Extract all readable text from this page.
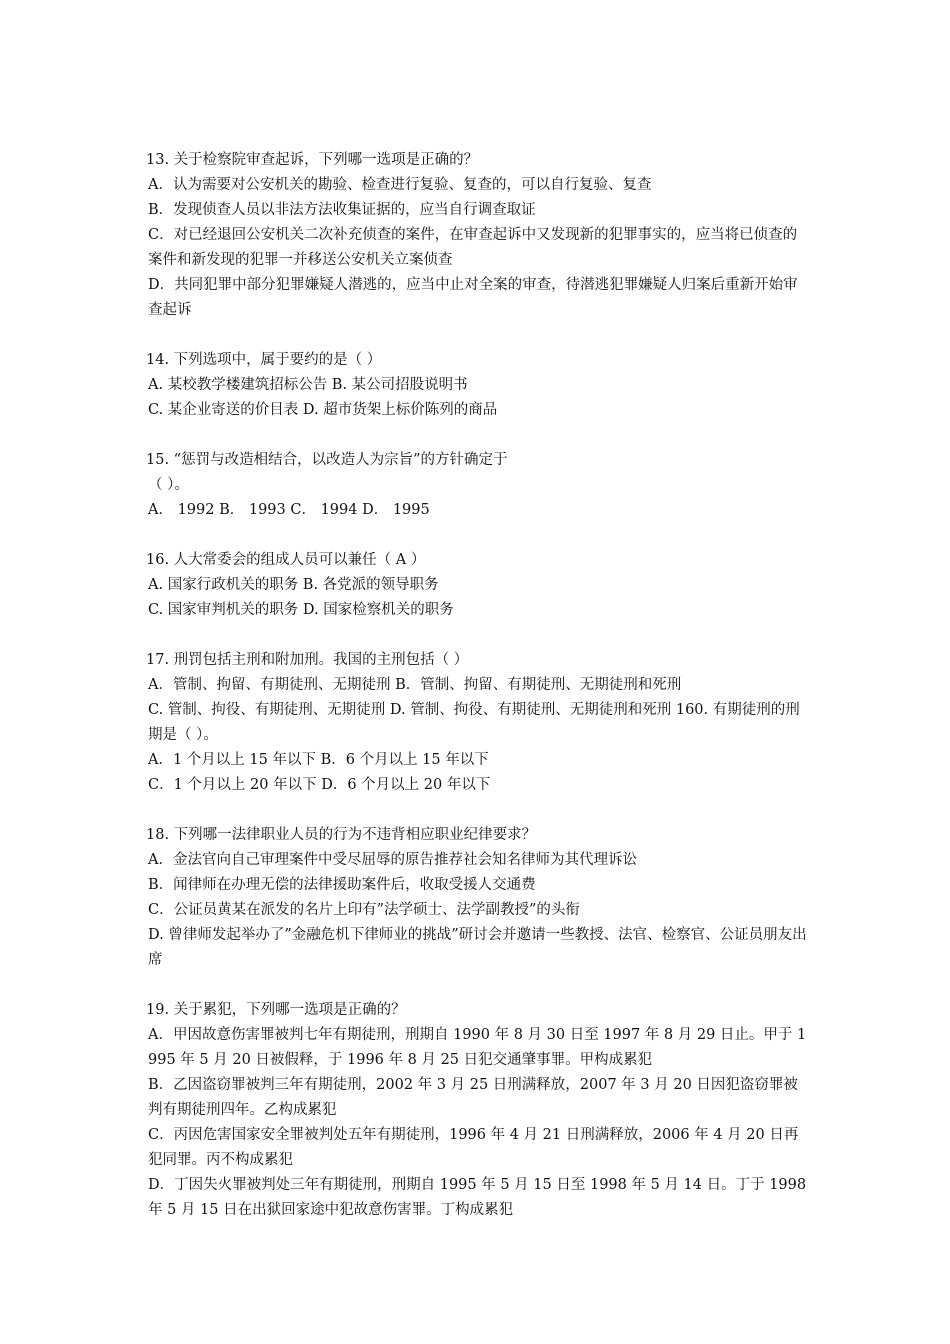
13. 关于检察院审查起诉，下列哪一选项是正确的？
A．认为需要对公安机关的勘验、检查进行复验、复查的，可以自行复验、复查
B．发现侦查人员以非法方法收集证据的，应当自行调查取证
C．对已经退回公安机关二次补充侦查的案件，在审查起诉中又发现新的犯罪事实的，应当将已侦查的案件和新发现的犯罪一并移送公安机关立案侦查
D．共同犯罪中部分犯罪嫌疑人潜逃的，应当中止对全案的审查，待潜逃犯罪嫌疑人归案后重新开始审查起诉
14. 下列选项中，属于要约的是（ ）
A. 某校教学楼建筑招标公告 B. 某公司招股说明书
C. 某企业寄送的价目表 D. 超市货架上标价陈列的商品
15. “惩罚与改造相结合，以改造人为宗旨”的方针确定于
（ ）。
A． 1992 B． 1993 C． 1994 D． 1995
16. 人大常委会的组成人员可以兼任（ A ）
A. 国家行政机关的职务 B. 各党派的领导职务
C. 国家审判机关的职务 D. 国家检察机关的职务
17. 刑罚包括主刑和附加刑。我国的主刑包括（ ）
A．管制、拘留、有期徒刑、无期徒刑 B．管制、拘留、有期徒刑、无期徒刑和死刑
C. 管制、拘役、有期徒刑、无期徒刑 D. 管制、拘役、有期徒刑、无期徒刑和死刑 160. 有期徒刑的刑期是（ ）。
A．1 个月以上 15 年以下 B．6 个月以上 15 年以下
C．1 个月以上 20 年以下 D．6 个月以上 20 年以下
18. 下列哪一法律职业人员的行为不违背相应职业纪律要求？
A．金法官向自己审理案件中受尽屈辱的原告推荐社会知名律师为其代理诉讼
B．闻律师在办理无偿的法律援助案件后，收取受援人交通费
C．公证员黄某在派发的名片上印有”法学硕士、法学副教授”的头衔
D. 曾律师发起举办了”金融危机下律师业的挑战”研讨会并邀请一些教授、法官、检察官、公证员朋友出席
19. 关于累犯，下列哪一选项是正确的？
A．甲因故意伤害罪被判七年有期徒刑，刑期自 1990 年 8 月 30 日至 1997 年 8 月 29 日止。甲于 1995 年 5 月 20 日被假释，于 1996 年 8 月 25 日犯交通肇事罪。甲构成累犯
B．乙因盗窃罪被判三年有期徒刑，2002 年 3 月 25 日刑满释放，2007 年 3 月 20 日因犯盗窃罪被判有期徒刑四年。乙构成累犯
C．丙因危害国家安全罪被判处五年有期徒刑，1996 年 4 月 21 日刑满释放，2006 年 4 月 20 日再犯同罪。丙不构成累犯
D．丁因失火罪被判处三年有期徒刑，刑期自 1995 年 5 月 15 日至 1998 年 5 月 14 日。丁于 1998 年 5 月 15 日在出狱回家途中犯故意伤害罪。丁构成累犯
